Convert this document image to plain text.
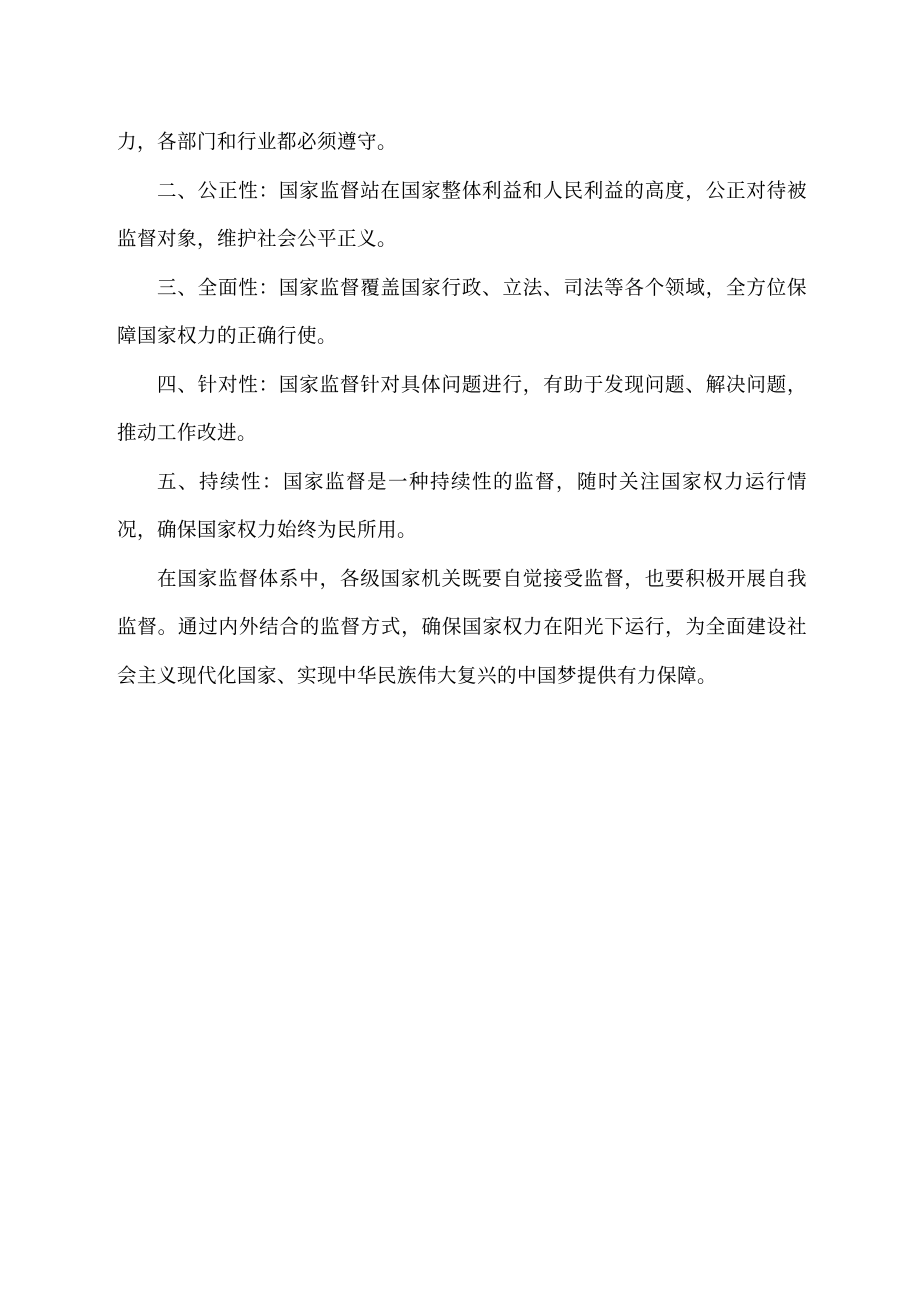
力，各部门和行业都必须遵守。

二、公正性：国家监督站在国家整体利益和人民利益的高度，公正对待被监督对象，维护社会公平正义。

三、全面性：国家监督覆盖国家行政、立法、司法等各个领域，全方位保障国家权力的正确行使。

四、针对性：国家监督针对具体问题进行，有助于发现问题、解决问题，推动工作改进。

五、持续性：国家监督是一种持续性的监督，随时关注国家权力运行情况，确保国家权力始终为民所用。

在国家监督体系中，各级国家机关既要自觉接受监督，也要积极开展自我监督。通过内外结合的监督方式，确保国家权力在阳光下运行，为全面建设社会主义现代化国家、实现中华民族伟大复兴的中国梦提供有力保障。
